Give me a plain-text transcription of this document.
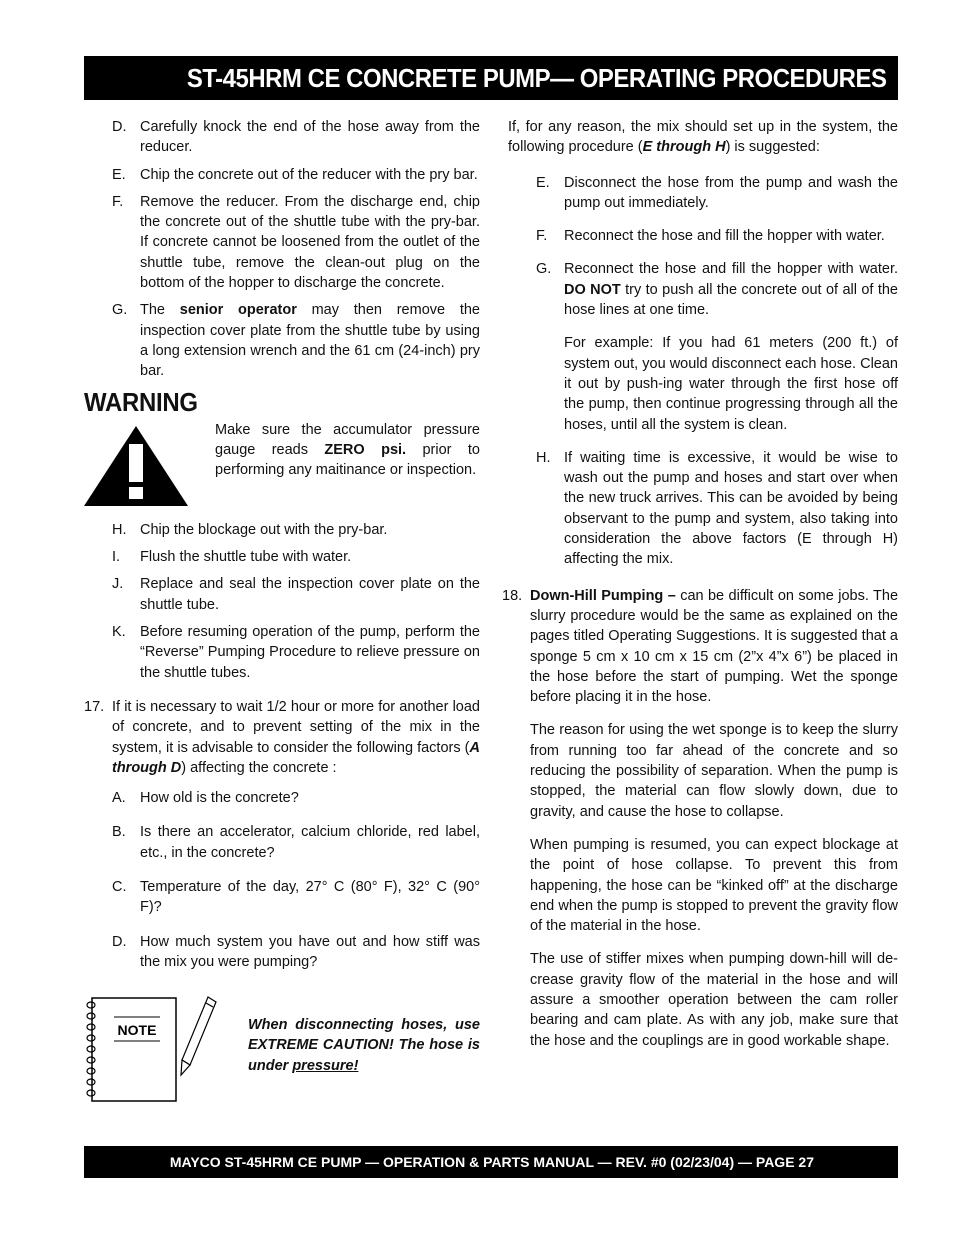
ST-45HRM CE CONCRETE PUMP— OPERATING PROCEDURES
D. Carefully knock the end of the hose away from the reducer.
E. Chip the concrete out of the reducer with the pry bar.
F. Remove the reducer. From the discharge end, chip the concrete out of the shuttle tube with the pry-bar. If concrete cannot be loosened from the outlet of the shuttle tube, remove the clean-out plug on the bottom of the hopper to discharge the concrete.
G. The senior operator may then remove the inspection cover plate from the shuttle tube by using a long extension wrench and the 61 cm (24-inch) pry bar.
WARNING
Make sure the accumulator pressure gauge reads ZERO psi. prior to performing any maitinance or inspection.
H. Chip the blockage out with the pry-bar.
I. Flush the shuttle tube with water.
J. Replace and seal the inspection cover plate on the shuttle tube.
K. Before resuming operation of the pump, perform the “Reverse” Pumping Procedure to relieve pressure on the shuttle tubes.
17. If it is necessary to wait 1/2 hour or more for another load of concrete, and to prevent setting of the mix in the system, it is advisable to consider the following factors (A through D) affecting the concrete :
A. How old is the concrete?
B. Is there an accelerator, calcium chloride, red label, etc., in the concrete?
C. Temperature of the day, 27° C (80° F), 32° C (90° F)?
D. How much system you have out and how stiff was the mix you were pumping?
NOTE	When disconnecting hoses, use EXTREME CAUTION! The hose is under pressure!
If, for any reason, the mix should set up in the system, the following procedure (E through H) is suggested:
E. Disconnect the hose from the pump and wash the pump out immediately.
F. Reconnect the hose and fill the hopper with water.
G. Reconnect the hose and fill the hopper with water. DO NOT try to push all the concrete out of all of the hose lines at one time.
For example: If you had 61 meters (200 ft.) of system out, you would disconnect each hose. Clean it out by push-ing water through the first hose off the pump, then continue progressing through all the hoses, until all the system is clean.
H. If waiting time is excessive, it would be wise to wash out the pump and hoses and start over when the new truck arrives. This can be avoided by being observant to the pump and system, also taking into consideration the above factors (E through H) affecting the mix.
18. Down-Hill Pumping – can be difficult on some jobs. The slurry procedure would be the same as explained on the pages titled Operating Suggestions. It is suggested that a sponge 5 cm x 10 cm x 15 cm (2”x 4”x 6”) be placed in the hose before the start of pumping. Wet the sponge before placing it in the hose.
The reason for using the wet sponge is to keep the slurry from running too far ahead of the concrete and so reducing the possibility of separation. When the pump is stopped, the material can flow slowly down, due to gravity, and cause the hose to collapse.
When pumping is resumed, you can expect blockage at the point of hose collapse. To prevent this from happening, the hose can be “kinked off” at the discharge end when the pump is stopped to prevent the gravity flow of the material in the hose.
The use of stiffer mixes when pumping down-hill will de-crease gravity flow of the material in the hose and will assure a smoother operation between the cam roller bearing and cam plate. As with any job, make sure that the hose and the couplings are in good workable shape.
MAYCO ST-45HRM CE PUMP — OPERATION & PARTS MANUAL — REV. #0 (02/23/04) — PAGE 27
